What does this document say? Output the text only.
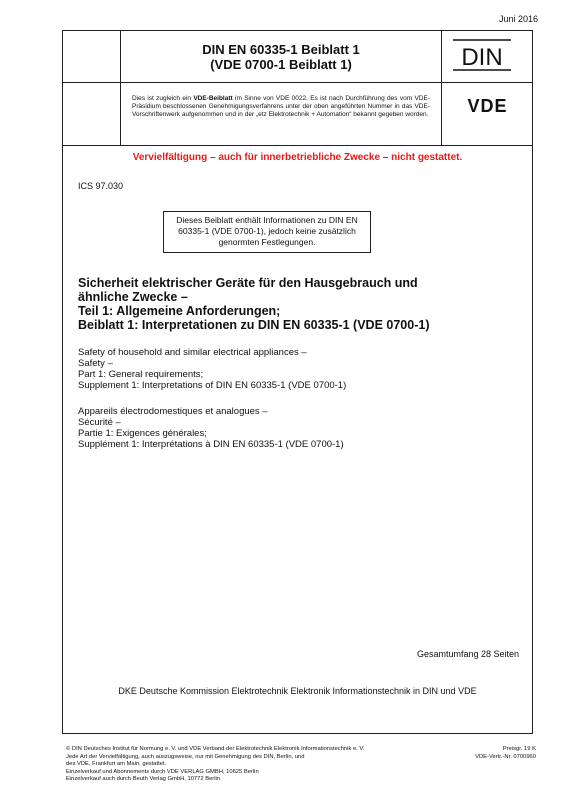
Juni 2016
DIN EN 60335-1 Beiblatt 1
(VDE 0700-1 Beiblatt 1)	DIN
VDE
Dies ist zugleich ein VDE-Beiblatt im Sinne von VDE 0022. Es ist nach Durchführung des vom VDE-Präsidium beschlossenen Genehmigungsverfahrens unter der oben angeführten Nummer in das VDE-Vorschriftenwerk aufgenommen und in der „etz Elektrotechnik + Automation“ bekannt gegeben worden.
Vervielfältigung – auch für innerbetriebliche Zwecke – nicht gestattet.
ICS 97.030
Dieses Beiblatt enthält Informationen zu DIN EN 60335-1 (VDE 0700-1), jedoch keine zusätzlich genormten Festlegungen.
Sicherheit elektrischer Geräte für den Hausgebrauch und
ähnliche Zwecke –
Teil 1: Allgemeine Anforderungen;
Beiblatt 1: Interpretationen zu DIN EN 60335-1 (VDE 0700-1)
Safety of household and similar electrical appliances –
Safety –
Part 1: General requirements;
Supplement 1: Interpretations of DIN EN 60335-1 (VDE 0700-1)
Appareils électrodomestiques et analogues –
Sécurité –
Partie 1: Exigences générales;
Supplément 1: Interprétations à DIN EN 60335-1 (VDE 0700-1)
Gesamtumfang 28 Seiten
DKE Deutsche Kommission Elektrotechnik Elektronik Informationstechnik in DIN und VDE
© DIN Deutsches Institut für Normung e. V. und VDE Verband der Elektrotechnik Elektronik Informationstechnik e. V.
Jede Art der Vervielfältigung, auch auszugsweise, nur mit Genehmigung des DIN, Berlin, und
des VDE, Frankfurt am Main, gestattet.
Einzelverkauf und Abonnements durch VDE VERLAG GMBH, 10625 Berlin
Einzelverkauf auch durch Beuth Verlag GmbH, 10772 Berlin
Preisgr. 19 K
VDE-Vertr.-Nr. 0700960
